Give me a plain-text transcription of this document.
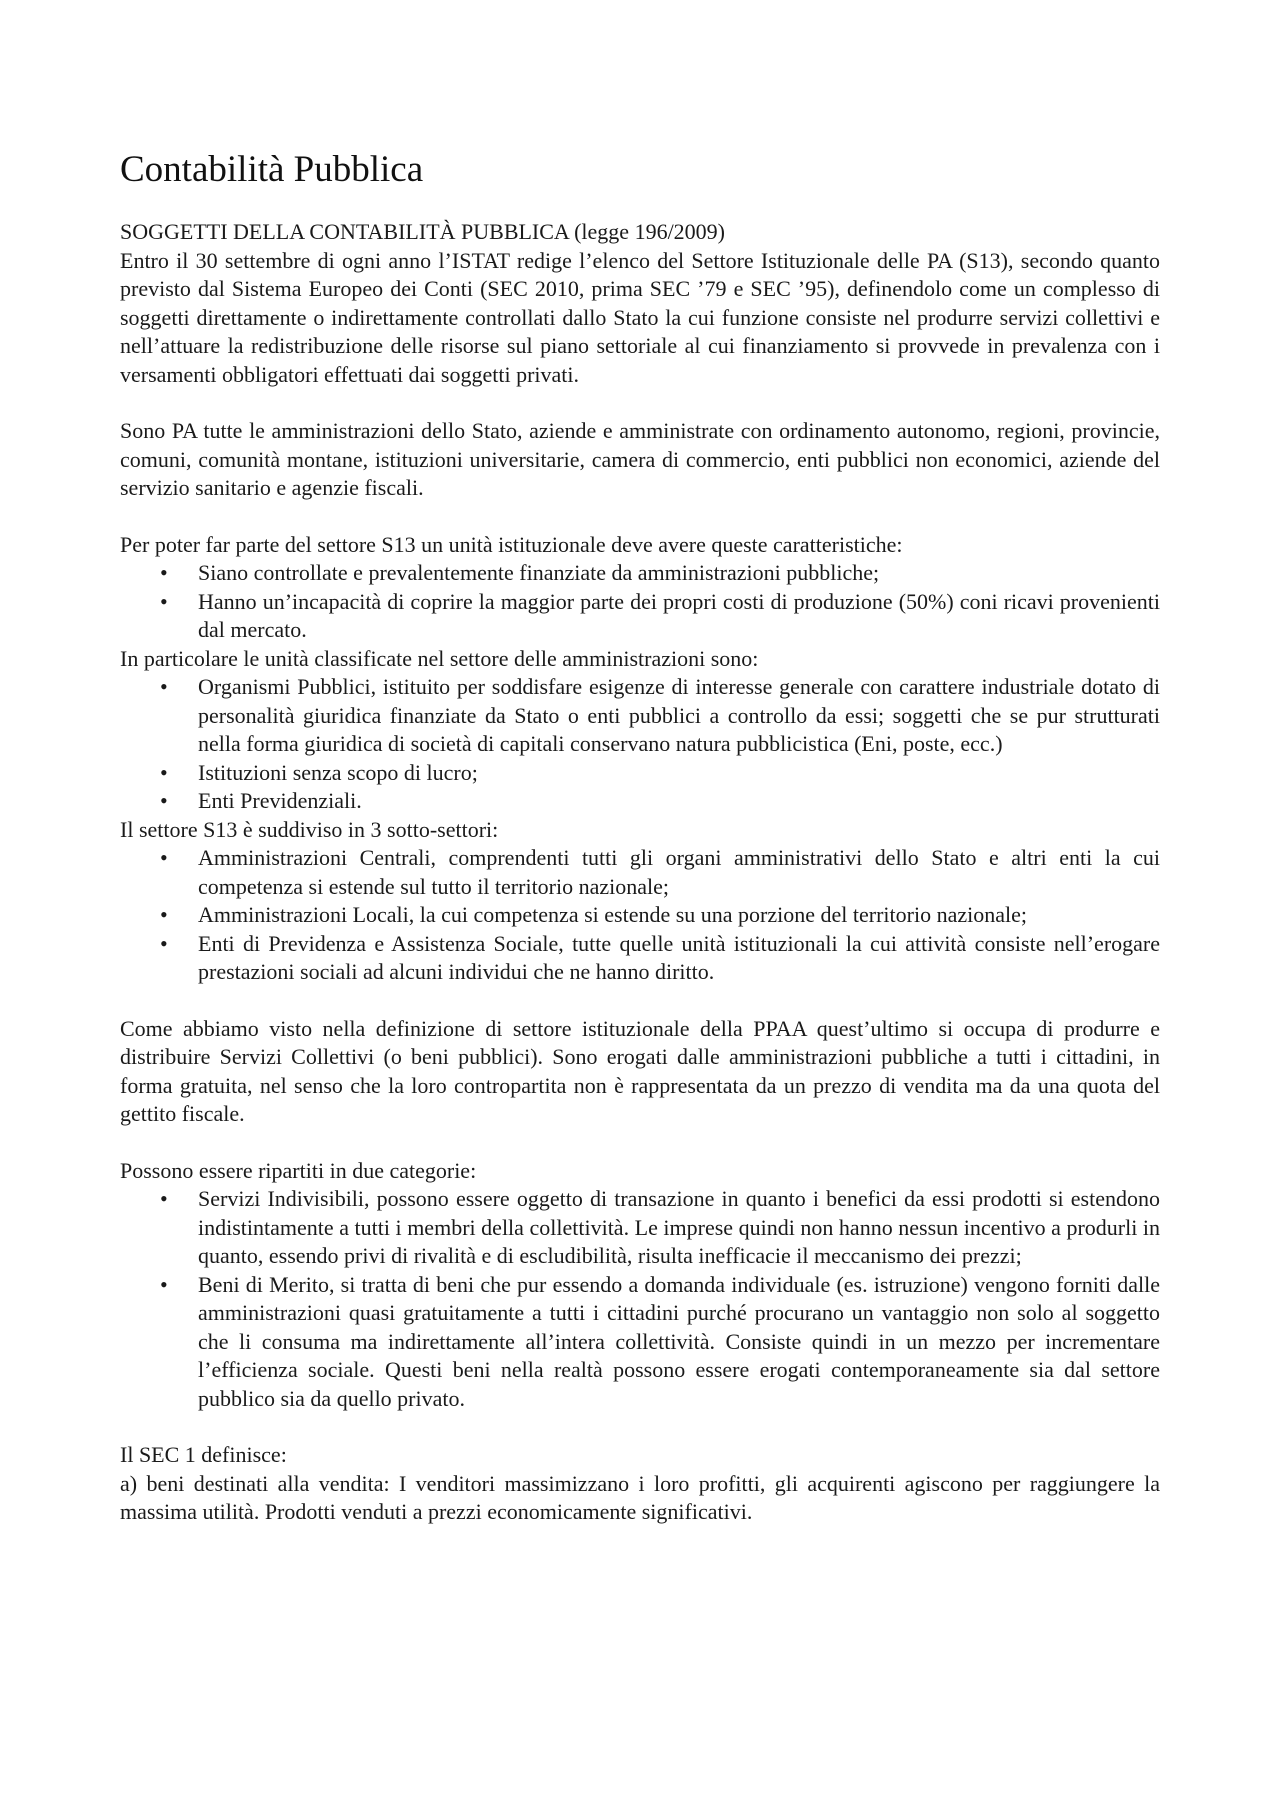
Contabilità Pubblica

SOGGETTI DELLA CONTABILITÀ PUBBLICA (legge 196/2009)

Entro il 30 settembre di ogni anno l’ISTAT redige l’elenco del Settore Istituzionale delle PA (S13), secondo quanto previsto dal Sistema Europeo dei Conti (SEC 2010, prima SEC ’79 e SEC ’95), definendolo come un complesso di soggetti direttamente o indirettamente controllati dallo Stato la cui funzione consiste nel produrre servizi collettivi e nell’attuare la redistribuzione delle risorse sul piano settoriale al cui finanziamento si provvede in prevalenza con i versamenti obbligatori effettuati dai soggetti privati.

Sono PA tutte le amministrazioni dello Stato, aziende e amministrate con ordinamento autonomo, regioni, provincie, comuni, comunità montane, istituzioni universitarie, camera di commercio, enti pubblici non economici, aziende del servizio sanitario e agenzie fiscali.

Per poter far parte del settore S13 un unità istituzionale deve avere queste caratteristiche:

• Siano controllate e prevalentemente finanziate da amministrazioni pubbliche;
• Hanno un’incapacità di coprire la maggior parte dei propri costi di produzione (50%) coni ricavi provenienti dal mercato.

In particolare le unità classificate nel settore delle amministrazioni sono:

• Organismi Pubblici, istituito per soddisfare esigenze di interesse generale con carattere industriale dotato di personalità giuridica finanziate da Stato o enti pubblici a controllo da essi; soggetti che se pur strutturati nella forma giuridica di società di capitali conservano natura pubblicistica (Eni, poste, ecc.)
• Istituzioni senza scopo di lucro;
• Enti Previdenziali.

Il settore S13 è suddiviso in 3 sotto-settori:

• Amministrazioni Centrali, comprendenti tutti gli organi amministrativi dello Stato e altri enti la cui competenza si estende sul tutto il territorio nazionale;
• Amministrazioni Locali, la cui competenza si estende su una porzione del territorio nazionale;
• Enti di Previdenza e Assistenza Sociale, tutte quelle unità istituzionali la cui attività consiste nell’erogare prestazioni sociali ad alcuni individui che ne hanno diritto.

Come abbiamo visto nella definizione di settore istituzionale della PPAA quest’ultimo si occupa di produrre e distribuire Servizi Collettivi (o beni pubblici). Sono erogati dalle amministrazioni pubbliche a tutti i cittadini, in forma gratuita, nel senso che la loro contropartita non è rappresentata da un prezzo di vendita ma da una quota del gettito fiscale.

Possono essere ripartiti in due categorie:

• Servizi Indivisibili, possono essere oggetto di transazione in quanto i benefici da essi prodotti si estendono indistintamente a tutti i membri della collettività. Le imprese quindi non hanno nessun incentivo a produrli in quanto, essendo privi di rivalità e di escludibilità, risulta inefficacie il meccanismo dei prezzi;
• Beni di Merito, si tratta di beni che pur essendo a domanda individuale (es. istruzione) vengono forniti dalle amministrazioni quasi gratuitamente a tutti i cittadini purché procurano un vantaggio non solo al soggetto che li consuma ma indirettamente all’intera collettività. Consiste quindi in un mezzo per incrementare l’efficienza sociale. Questi beni nella realtà possono essere erogati contemporaneamente sia dal settore pubblico sia da quello privato.

Il SEC 1 definisce:

a) beni destinati alla vendita: I venditori massimizzano i loro profitti, gli acquirenti agiscono per raggiungere la massima utilità. Prodotti venduti a prezzi economicamente significativi.
